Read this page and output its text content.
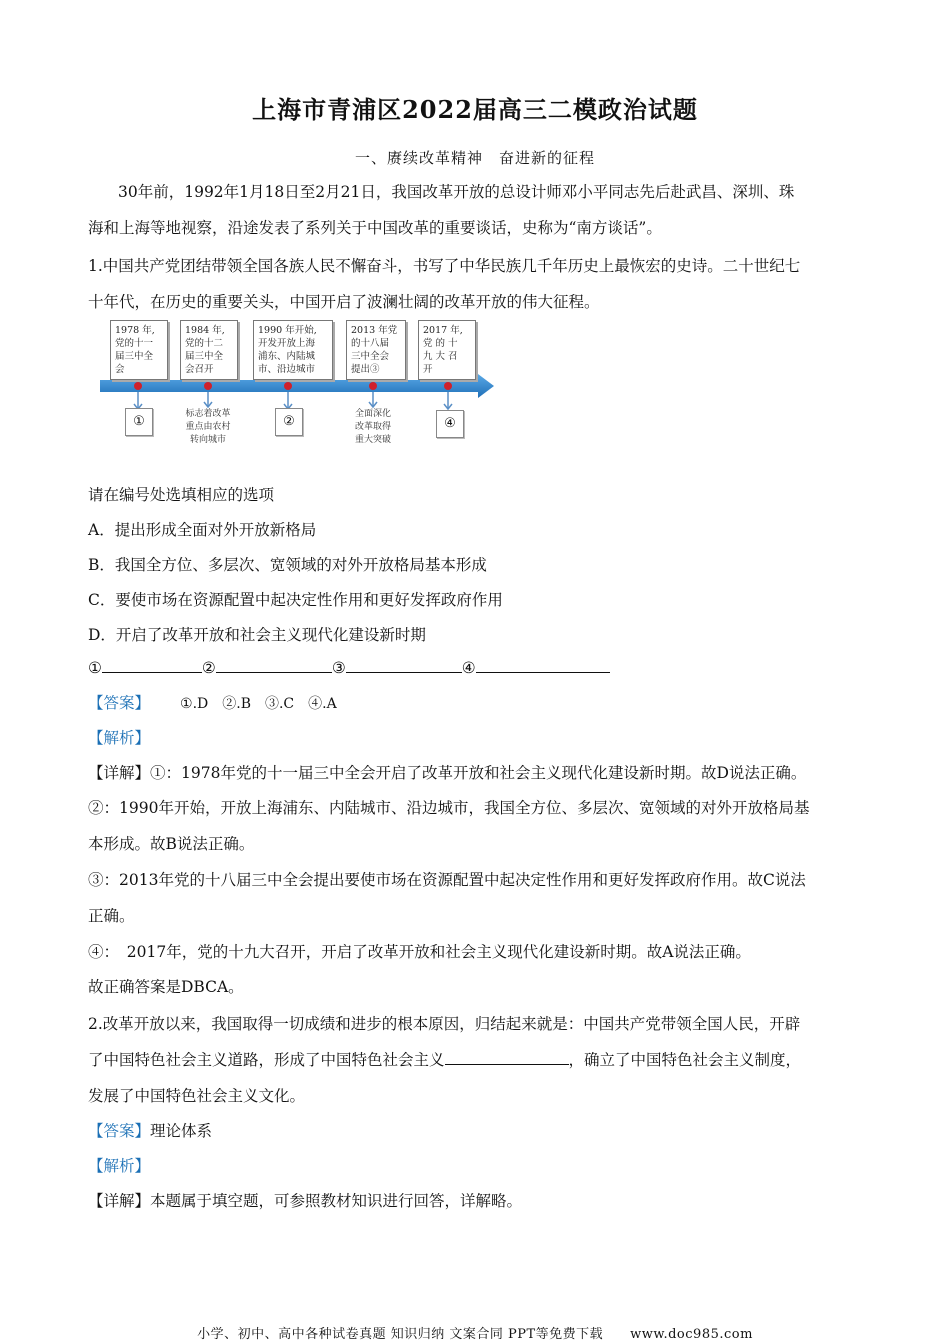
上海市青浦区2022届高三二模政治试题
一、赓续改革精神　奋进新的征程
30年前，1992年1月18日至2月21日，我国改革开放的总设计师邓小平同志先后赴武昌、深圳、珠
海和上海等地视察，沿途发表了系列关于中国改革的重要谈话，史称为“南方谈话”。
1.中国共产党团结带领全国各族人民不懈奋斗，书写了中华民族几千年历史上最恢宏的史诗。二十世纪七
十年代，在历史的重要关头，中国开启了波澜壮阔的改革开放的伟大征程。
1978 年,
党的十一
届三中全
会
1984 年,
党的十二
届三中全
会召开
1990 年开始,
开发开放上海
浦东、内陆城
市、沿边城市
2013 年党
的十八届
三中全会
提出③
2017 年,
党 的 十
九 大 召
开
①	标志着改革
重点由农村
转向城市
②	全面深化
改革取得
重大突破
④
请在编号处选填相应的选项
A．提出形成全面对外开放新格局
B．我国全方位、多层次、宽领域的对外开放格局基本形成
C．要使市场在资源配置中起决定性作用和更好发挥政府作用
D．开启了改革开放和社会主义现代化建设新时期
①	②	③	④
【答案】 ①.D　②.B　③.C　④.A
【解析】
【详解】①：1978年党的十一届三中全会开启了改革开放和社会主义现代化建设新时期。故D说法正确。
②：1990年开始，开放上海浦东、内陆城市、沿边城市，我国全方位、多层次、宽领域的对外开放格局基
本形成。故B说法正确。
③：2013年党的十八届三中全会提出要使市场在资源配置中起决定性作用和更好发挥政府作用。故C说法
正确。
④：　2017年，党的十九大召开，开启了改革开放和社会主义现代化建设新时期。故A说法正确。
故正确答案是DBCA。
2.改革开放以来，我国取得一切成绩和进步的根本原因，归结起来就是：中国共产党带领全国人民，开辟
了中国特色社会主义道路，形成了中国特色社会主义	，确立了中国特色社会主义制度，
发展了中国特色社会主义文化。
【答案】理论体系
【解析】
【详解】本题属于填空题，可参照教材知识进行回答，详解略。
小学、初中、高中各种试卷真题 知识归纳 文案合同 PPT等免费下载　　www.doc985.com
